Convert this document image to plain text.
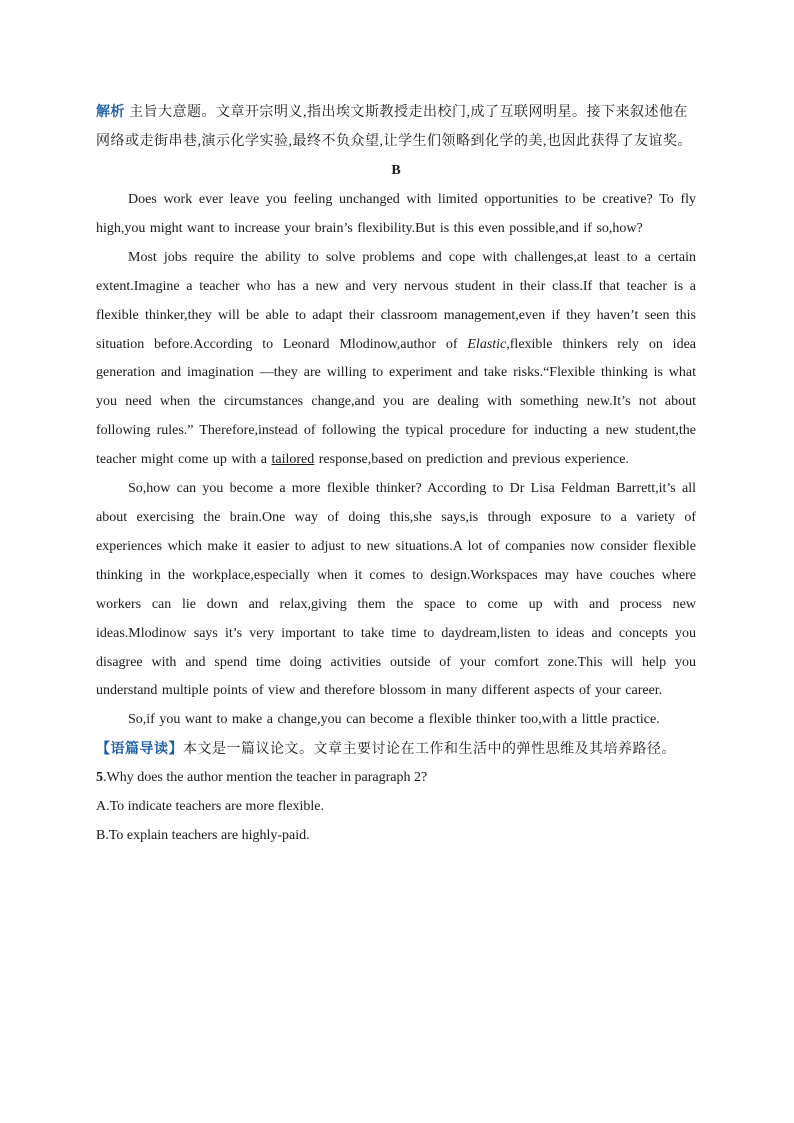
解析 主旨大意题。文章开宗明义,指出埃文斯教授走出校门,成了互联网明星。接下来叙述他在网络或走街串巷,演示化学实验,最终不负众望,让学生们领略到化学的美,也因此获得了友谊奖。
B

Does work ever leave you feeling unchanged with limited opportunities to be creative? To fly high,you might want to increase your brain’s flexibility.But is this even possible,and if so,how?

Most jobs require the ability to solve problems and cope with challenges,at least to a certain extent.Imagine a teacher who has a new and very nervous student in their class.If that teacher is a flexible thinker,they will be able to adapt their classroom management,even if they haven’t seen this situation before.According to Leonard Mlodinow,author of Elastic,flexible thinkers rely on idea generation and imagination —they are willing to experiment and take risks.“Flexible thinking is what you need when the circumstances change,and you are dealing with something new.It’s not about following rules.” Therefore,instead of following the typical procedure for inducting a new student,the teacher might come up with a tailored response,based on prediction and previous experience.

So,how can you become a more flexible thinker? According to Dr Lisa Feldman Barrett,it’s all about exercising the brain.One way of doing this,she says,is through exposure to a variety of experiences which make it easier to adjust to new situations.A lot of companies now consider flexible thinking in the workplace,especially when it comes to design.Workspaces may have couches where workers can lie down and relax,giving them the space to come up with and process new ideas.Mlodinow says it’s very important to take time to daydream,listen to ideas and concepts you disagree with and spend time doing activities outside of your comfort zone.This will help you understand multiple points of view and therefore blossom in many different aspects of your career.

So,if you want to make a change,you can become a flexible thinker too,with a little practice.

【语篇导读】本文是一篇议论文。文章主要讨论在工作和生活中的弹性思维及其培养路径。

5.Why does the author mention the teacher in paragraph 2?

A.To indicate teachers are more flexible.

B.To explain teachers are highly-paid.
